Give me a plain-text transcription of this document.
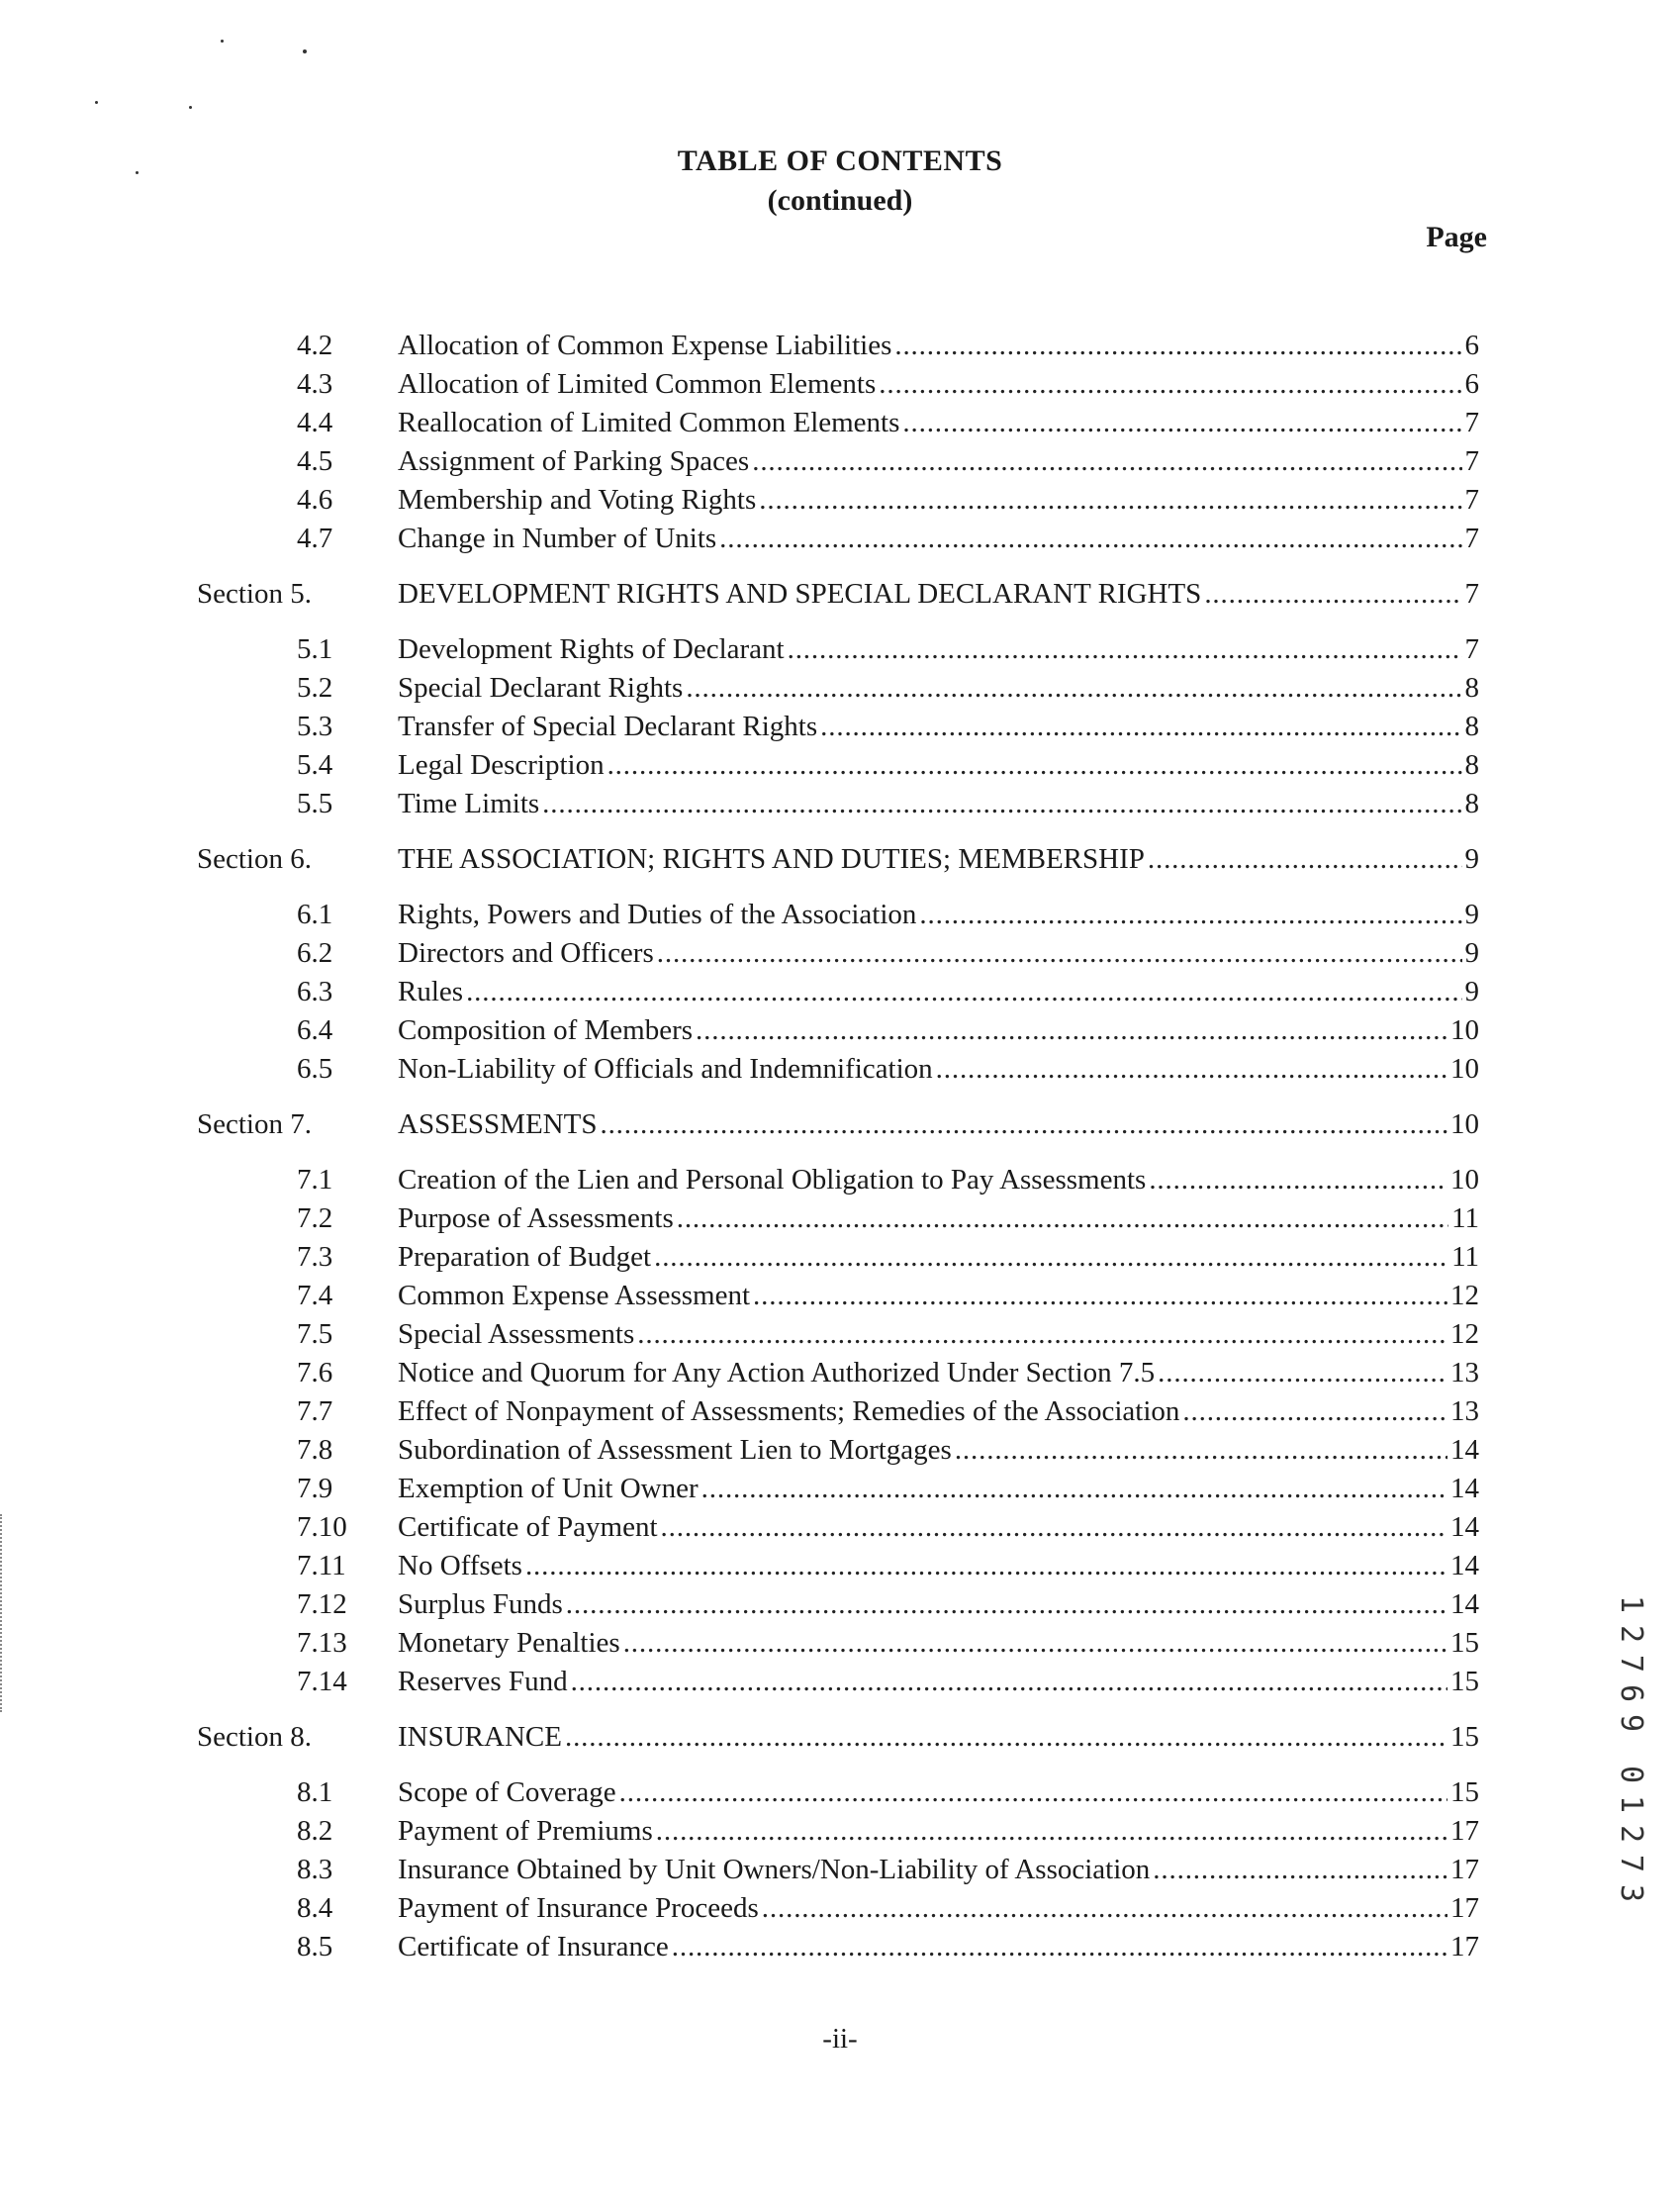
TABLE OF CONTENTS
(continued)
Page
4.2	Allocation of Common Expense Liabilities . . .	6
4.3	Allocation of Limited Common Elements . . .	6
4.4	Reallocation of Limited Common Elements . . .	7
4.5	Assignment of Parking Spaces . . .	7
4.6	Membership and Voting Rights . . .	7
4.7	Change in Number of Units . . .	7
Section 5.	DEVELOPMENT RIGHTS AND SPECIAL DECLARANT RIGHTS . . .	7
5.1	Development Rights of Declarant . . .	7
5.2	Special Declarant Rights . . .	8
5.3	Transfer of Special Declarant Rights . . .	8
5.4	Legal Description . . .	8
5.5	Time Limits . . .	8
Section 6.	THE ASSOCIATION; RIGHTS AND DUTIES; MEMBERSHIP . . .	9
6.1	Rights, Powers and Duties of the Association . . .	9
6.2	Directors and Officers . . .	9
6.3	Rules . . .	9
6.4	Composition of Members . . .	10
6.5	Non-Liability of Officials and Indemnification . . .	10
Section 7.	ASSESSMENTS . . .	10
7.1	Creation of the Lien and Personal Obligation to Pay Assessments . . .	10
7.2	Purpose of Assessments . . .	11
7.3	Preparation of Budget . . .	11
7.4	Common Expense Assessment . . .	12
7.5	Special Assessments . . .	12
7.6	Notice and Quorum for Any Action Authorized Under Section 7.5 . . .	13
7.7	Effect of Nonpayment of Assessments; Remedies of the Association . . .	13
7.8	Subordination of Assessment Lien to Mortgages . . .	14
7.9	Exemption of Unit Owner . . .	14
7.10	Certificate of Payment . . .	14
7.11	No Offsets . . .	14
7.12	Surplus Funds . . .	14
7.13	Monetary Penalties . . .	15
7.14	Reserves Fund . . .	15
Section 8.	INSURANCE . . .	15
8.1	Scope of Coverage . . .	15
8.2	Payment of Premiums . . .	17
8.3	Insurance Obtained by Unit Owners/Non-Liability of Association . . .	17
8.4	Payment of Insurance Proceeds . . .	17
8.5	Certificate of Insurance . . .	17
-ii-
1
2
7
6
9
0
1
2
7
3
